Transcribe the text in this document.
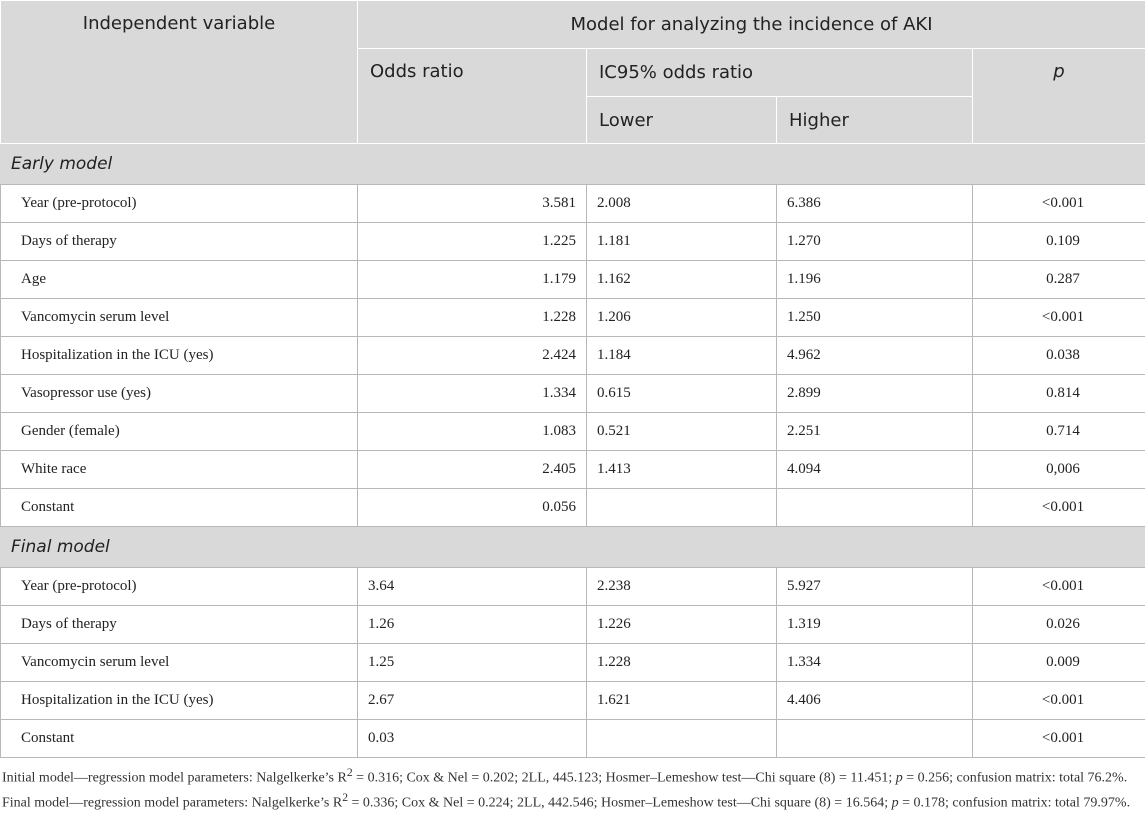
Independent variable	Model for analyzing the incidence of AKI			
	Odds ratio	IC95% odds ratio		p
		Lower	Higher	
Early model				
Year (pre-protocol)	3.581	2.008	6.386	<0.001
Days of therapy	1.225	1.181	1.270	0.109
Age	1.179	1.162	1.196	0.287
Vancomycin serum level	1.228	1.206	1.250	<0.001
Hospitalization in the ICU (yes)	2.424	1.184	4.962	0.038
Vasopressor use (yes)	1.334	0.615	2.899	0.814
Gender (female)	1.083	0.521	2.251	0.714
White race	2.405	1.413	4.094	0,006
Constant	0.056			<0.001
Final model				
Year (pre-protocol)	3.64	2.238	5.927	<0.001
Days of therapy	1.26	1.226	1.319	0.026
Vancomycin serum level	1.25	1.228	1.334	0.009
Hospitalization in the ICU (yes)	2.67	1.621	4.406	<0.001
Constant	0.03			<0.001
Initial model—regression model parameters: Nalgelkerke’s $R^2 = 0.316$; Cox & Nel = 0.202; 2LL, 445.123; Hosmer–Lemeshow test—Chi square (8) = 11.451; p = 0.256; confusion matrix: total 76.2%. Final model—regression model parameters: Nalgelkerke’s $R^2 = 0.336$; Cox & Nel = 0.224; 2LL, 442.546; Hosmer–Lemeshow test—Chi square (8) = 16.564; p = 0.178; confusion matrix: total 79.97%.
